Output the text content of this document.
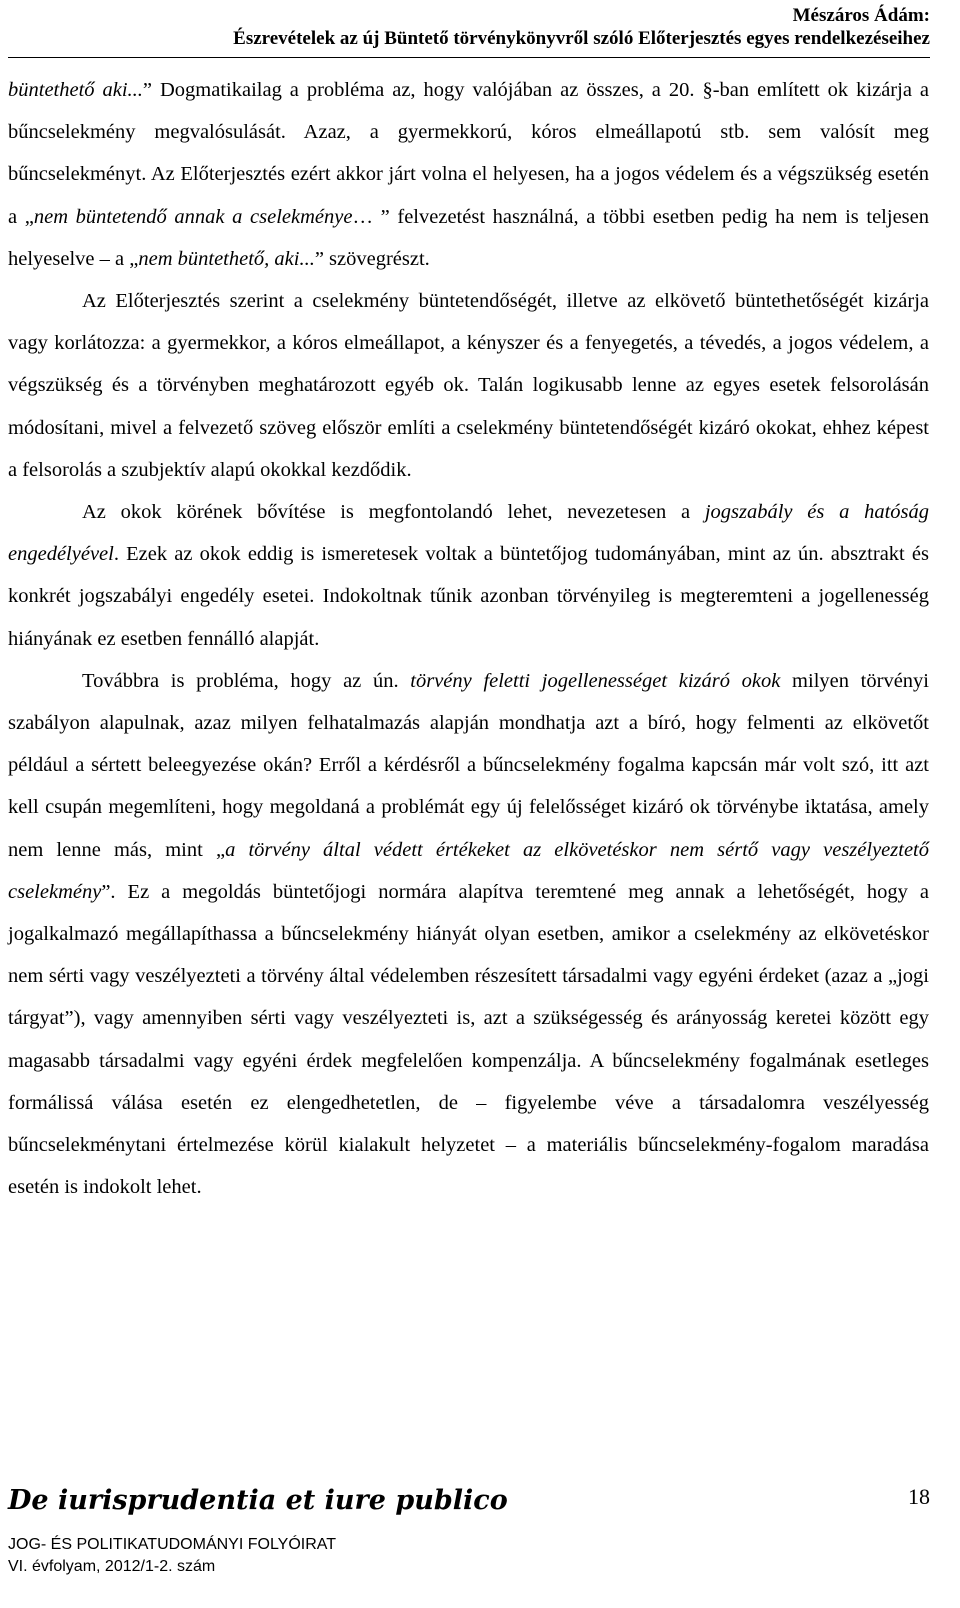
Mészáros Ádám:
Észrevételek az új Büntető törvénykönyvről szóló Előterjesztés egyes rendelkezéseihez

büntethető aki...” Dogmatikailag a probléma az, hogy valójában az összes, a 20. §-ban említett ok kizárja a bűncselekmény megvalósulását. Azaz, a gyermekkorú, kóros elmeállapotú stb. sem valósít meg bűncselekményt. Az Előterjesztés ezért akkor járt volna el helyesen, ha a jogos védelem és a végszükség esetén a „nem büntetendő annak a cselekménye… ” felvezetést használná, a többi esetben pedig ha nem is teljesen helyeselve – a „nem büntethető, aki...” szövegrészt.

Az Előterjesztés szerint a cselekmény büntetendőségét, illetve az elkövető büntethetőségét kizárja vagy korlátozza: a gyermekkor, a kóros elmeállapot, a kényszer és a fenyegetés, a tévedés, a jogos védelem, a végszükség és a törvényben meghatározott egyéb ok. Talán logikusabb lenne az egyes esetek felsorolásán módosítani, mivel a felvezető szöveg először említi a cselekmény büntetendőségét kizáró okokat, ehhez képest a felsorolás a szubjektív alapú okokkal kezdődik.

Az okok körének bővítése is megfontolandó lehet, nevezetesen a jogszabály és a hatóság engedélyével. Ezek az okok eddig is ismeretesek voltak a büntetőjog tudományában, mint az ún. absztrakt és konkrét jogszabályi engedély esetei. Indokoltnak tűnik azonban törvényileg is megteremteni a jogellenesség hiányának ez esetben fennálló alapját.

Továbbra is probléma, hogy az ún. törvény feletti jogellenességet kizáró okok milyen törvényi szabályon alapulnak, azaz milyen felhatalmazás alapján mondhatja azt a bíró, hogy felmenti az elkövetőt például a sértett beleegyezése okán? Erről a kérdésről a bűncselekmény fogalma kapcsán már volt szó, itt azt kell csupán megemlíteni, hogy megoldaná a problémát egy új felelősséget kizáró ok törvénybe iktatása, amely nem lenne más, mint „a törvény által védett értékeket az elkövetéskor nem sértő vagy veszélyeztető cselekmény”. Ez a megoldás büntetőjogi normára alapítva teremtené meg annak a lehetőségét, hogy a jogalkalmazó megállapíthassa a bűncselekmény hiányát olyan esetben, amikor a cselekmény az elkövetéskor nem sérti vagy veszélyezteti a törvény által védelemben részesített társadalmi vagy egyéni érdeket (azaz a „jogi tárgyat”), vagy amennyiben sérti vagy veszélyezteti is, azt a szükségesség és arányosság keretei között egy magasabb társadalmi vagy egyéni érdek megfelelően kompenzálja. A bűncselekmény fogalmának esetleges formálissá válása esetén ez elengedhetetlen, de – figyelembe véve a társadalomra veszélyesség bűncselekménytani értelmezése körül kialakult helyzetet – a materiális bűncselekmény-fogalom maradása esetén is indokolt lehet.

De iurisprudentia et iure publico	18
JOG- ÉS POLITIKATUDOMÁNYI FOLYÓIRAT
VI. évfolyam, 2012/1-2. szám
